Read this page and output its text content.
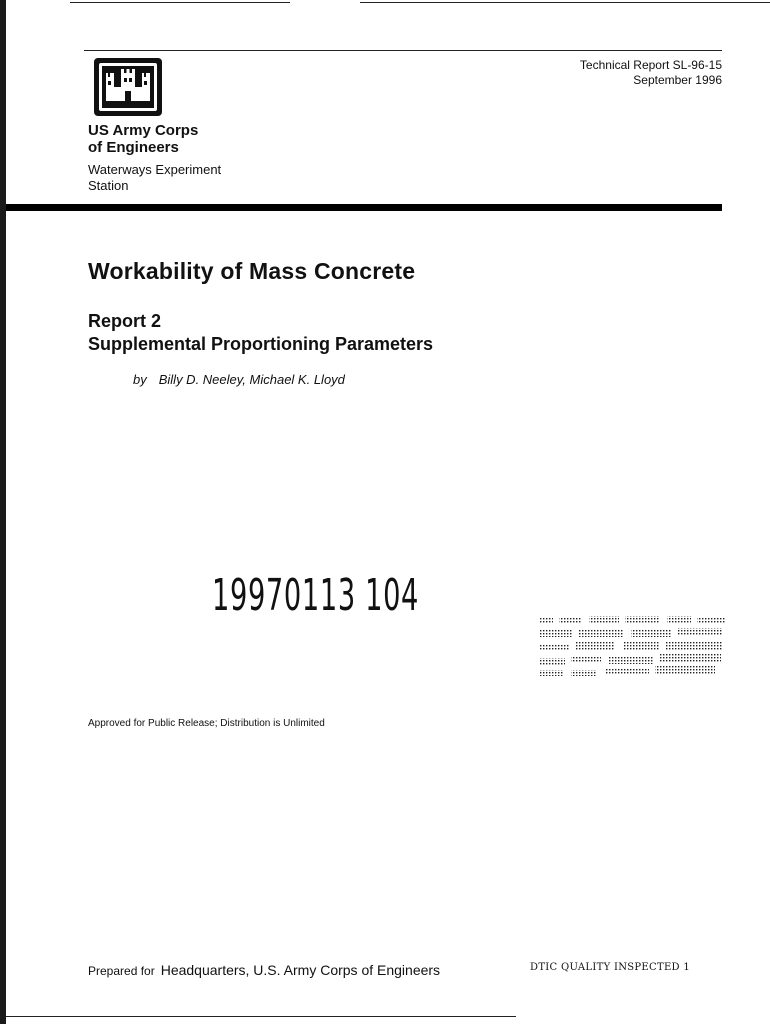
US Army Corps
of Engineers
Waterways Experiment
Station
Technical Report SL-96-15
September 1996
Workability of Mass Concrete
Report 2
Supplemental Proportioning Parameters
by Billy D. Neeley, Michael K. Lloyd
19970113 104
Approved for Public Release; Distribution is Unlimited
Prepared for Headquarters, U.S. Army Corps of Engineers	DTIC QUALITY INSPECTED 1
